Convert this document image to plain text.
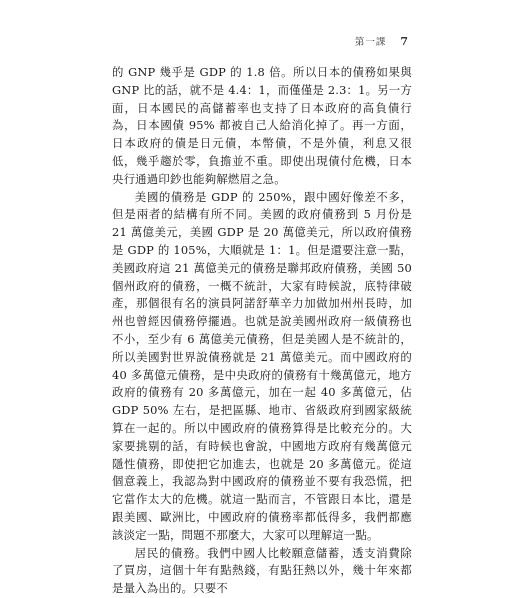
第一課 7

的 GNP 幾乎是 GDP 的 1.8 倍。所以日本的債務如果與 GNP 比的話，就不是 4.4：1，而僅僅是 2.3：1。另一方面，日本國民的高儲蓄率也支持了日本政府的高負債行為，日本國債 95% 都被自己人給消化掉了。再一方面，日本政府的債是日元債，本幣債，不是外債，利息又很低，幾乎趨於零，負擔並不重。即使出現債付危機，日本央行通過印鈔也能夠解燃眉之急。

美國的債務是 GDP 的 250%，跟中國好像差不多，但是兩者的結構有所不同。美國的政府債務到 5 月份是 21 萬億美元，美國 GDP 是 20 萬億美元，所以政府債務是 GDP 的 105%，大順就是 1：1。但是還要注意一點，美國政府這 21 萬億美元的債務是聯邦政府債務，美國 50 個州政府的債務，一概不統計，大家有時候說，底特律破產，那個很有名的演員阿諾舒華辛力加做加州州長時，加州也曾經因債務停擺過。也就是說美國州政府一級債務也不小，至少有 6 萬億美元債務，但是美國人是不統計的，所以美國對世界說債務就是 21 萬億美元。而中國政府的 40 多萬億元債務，是中央政府的債務有十幾萬億元，地方政府的債務有 20 多萬億元，加在一起 40 多萬億元，佔 GDP 50% 左右，是把區縣、地市、省級政府到國家級統算在一起的。所以中國政府的債務算得是比較充分的。大家要挑剔的話，有時候也會說，中國地方政府有幾萬億元隱性債務，即使把它加進去，也就是 20 多萬億元。從這個意義上，我認為對中國政府的債務並不要有我恐慌，把它當作太大的危機。就這一點而言，不管跟日本比，還是跟美國、歐洲比，中國政府的債務率都低得多，我們都應該淡定一點，問題不那麼大，大家可以理解這一點。

居民的債務。我們中國人比較願意儲蓄，透支消費除了買房，這個十年有點熱錢，有點狂熱以外，幾十年來都是量入為出的。只要不
